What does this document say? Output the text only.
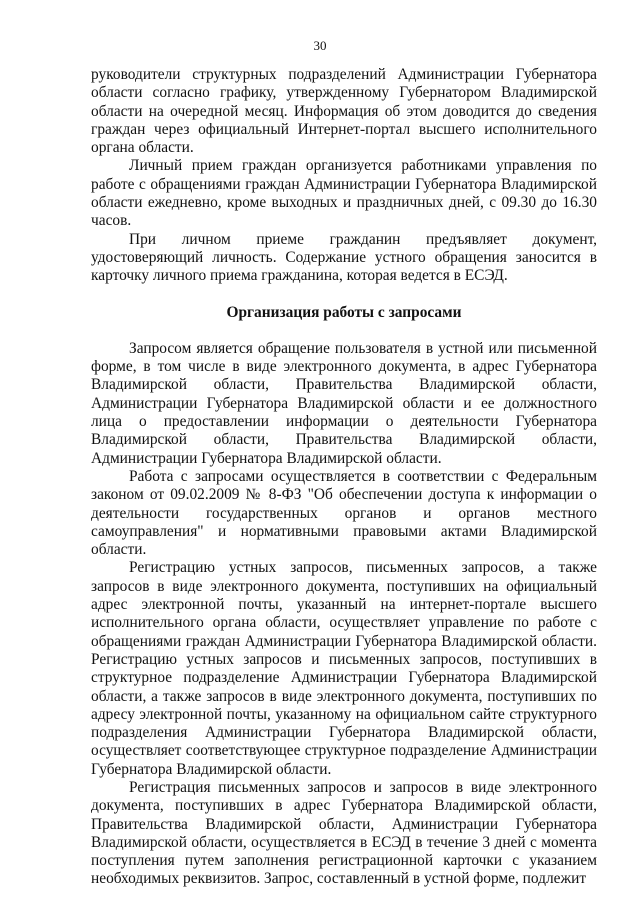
30

руководители структурных подразделений Администрации Губернатора области согласно графику, утвержденному Губернатором Владимирской области на очередной месяц. Информация об этом доводится до сведения граждан через официальный Интернет-портал высшего исполнительного органа области.

Личный прием граждан организуется работниками управления по работе с обращениями граждан Администрации Губернатора Владимирской области ежедневно, кроме выходных и праздничных дней, с 09.30 до 16.30 часов.

При личном приеме гражданин предъявляет документ, удостоверяющий личность. Содержание устного обращения заносится в карточку личного приема гражданина, которая ведется в ЕСЭД.

Организация работы с запросами

Запросом является обращение пользователя в устной или письменной форме, в том числе в виде электронного документа, в адрес Губернатора Владимирской области, Правительства Владимирской области, Администрации Губернатора Владимирской области и ее должностного лица о предоставлении информации о деятельности Губернатора Владимирской области, Правительства Владимирской области, Администрации Губернатора Владимирской области.

Работа с запросами осуществляется в соответствии с Федеральным законом от 09.02.2009 № 8-ФЗ "Об обеспечении доступа к информации о деятельности государственных органов и органов местного самоуправления" и нормативными правовыми актами Владимирской области.

Регистрацию устных запросов, письменных запросов, а также запросов в виде электронного документа, поступивших на официальный адрес электронной почты, указанный на интернет-портале высшего исполнительного органа области, осуществляет управление по работе с обращениями граждан Администрации Губернатора Владимирской области. Регистрацию устных запросов и письменных запросов, поступивших в структурное подразделение Администрации Губернатора Владимирской области, а также запросов в виде электронного документа, поступивших по адресу электронной почты, указанному на официальном сайте структурного подразделения Администрации Губернатора Владимирской области, осуществляет соответствующее структурное подразделение Администрации Губернатора Владимирской области.

Регистрация письменных запросов и запросов в виде электронного документа, поступивших в адрес Губернатора Владимирской области, Правительства Владимирской области, Администрации Губернатора Владимирской области, осуществляется в ЕСЭД в течение 3 дней с момента поступления путем заполнения регистрационной карточки с указанием необходимых реквизитов. Запрос, составленный в устной форме, подлежит
